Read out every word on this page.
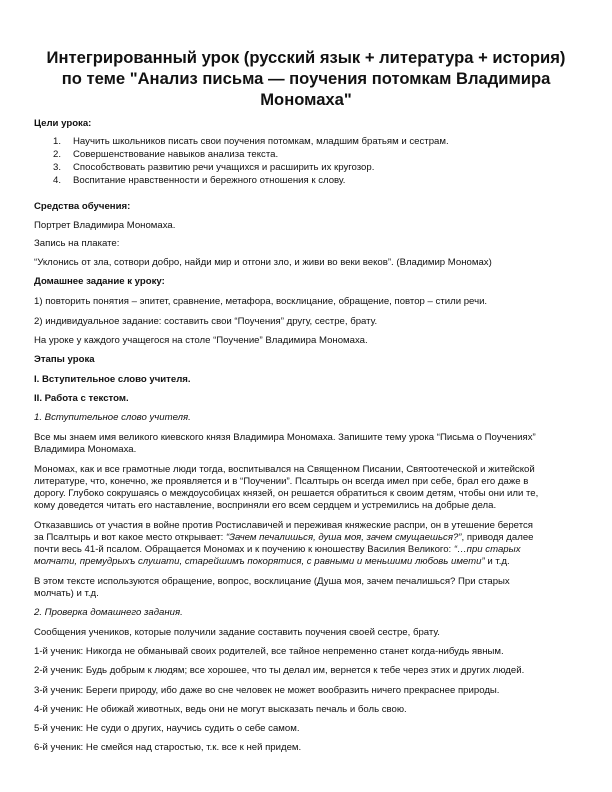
Интегрированный урок (русский язык + литература + история) по теме "Анализ письма — поучения потомкам Владимира Мономаха"
Цели урока:
1. Научить школьников писать свои поучения потомкам, младшим братьям и сестрам.
2. Совершенствование навыков анализа текста.
3. Способствовать развитию речи учащихся и расширить их кругозор.
4. Воспитание нравственности и бережного отношения к слову.
Средства обучения:
Портрет Владимира Мономаха.
Запись на плакате:
“Уклонись от зла, сотвори добро, найди мир и отгони зло, и живи во веки веков”. (Владимир Мономах)
Домашнее задание к уроку:
1) повторить понятия – эпитет, сравнение, метафора, восклицание, обращение, повтор – стили речи.
2) индивидуальное задание: составить свои “Поучения” другу, сестре, брату.
На уроке у каждого учащегося на столе “Поучение” Владимира Мономаха.
Этапы урока
I. Вступительное слово учителя.
II. Работа с текстом.
1. Вступительное слово учителя.
Все мы знаем имя великого киевского князя Владимира Мономаха. Запишите тему урока “Письма о Поучениях”
Владимира Мономаха.
Мономах, как и все грамотные люди тогда, воспитывался на Священном Писании, Святоотеческой и житейской
литературе, что, конечно, же проявляется и в “Поучении”. Псалтырь он всегда имел при себе, брал его даже в
дорогу. Глубоко сокрушаясь о междоусобицах князей, он решается обратиться к своим детям, чтобы они или те,
кому доведется читать его наставление, восприняли его всем сердцем и устремились на добрые дела.
Отказавшись от участия в войне против Ростиславичей и переживая княжеские распри, он в утешение берется
за Псалтырь и вот какое место открывает: “Зачем печалишься, душа моя, зачем смущаешься?”, приводя далее
почти весь 41-й псалом. Обращается Мономах и к поучению к юношеству Василия Великого: “…при старых
молчати, премудрыхъ слушати, старейшимъ покорятися, с равными и меньшими любовь имети” и т.д.
В этом тексте используются обращение, вопрос, восклицание (Душа моя, зачем печалишься? При старых
молчать) и т.д.
2. Проверка домашнего задания.
Сообщения учеников, которые получили задание составить поучения своей сестре, брату.
1-й ученик: Никогда не обманывай своих родителей, все тайное непременно станет когда-нибудь явным.
2-й ученик: Будь добрым к людям; все хорошее, что ты делал им, вернется к тебе через этих и других людей.
3-й ученик: Береги природу, ибо даже во сне человек не может вообразить ничего прекраснее природы.
4-й ученик: Не обижай животных, ведь они не могут высказать печаль и боль свою.
5-й ученик: Не суди о других, научись судить о себе самом.
6-й ученик: Не смейся над старостью, т.к. все к ней придем.
